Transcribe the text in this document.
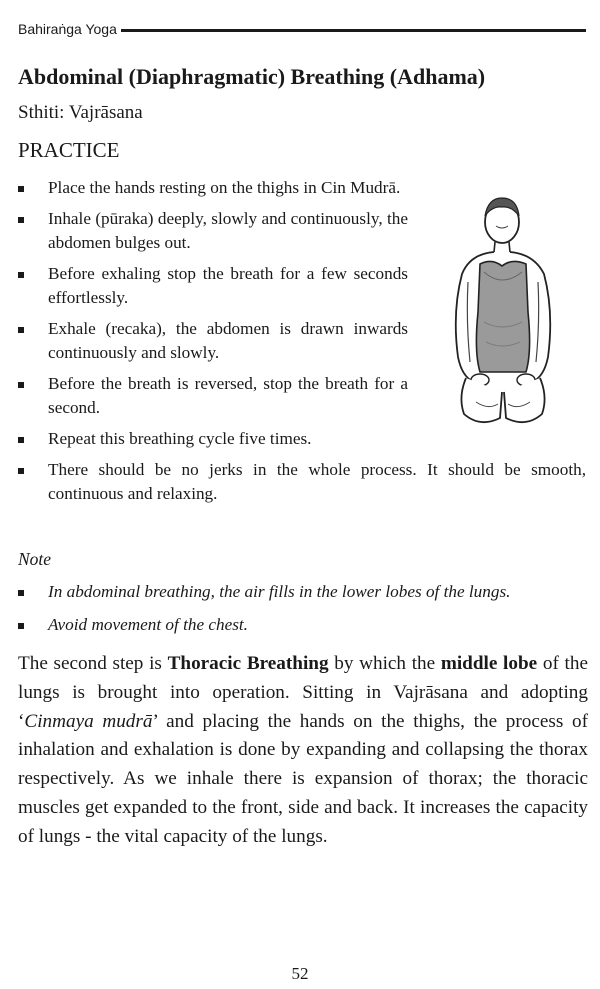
Bahiraṅga Yoga
Abdominal (Diaphragmatic) Breathing (Adhama)
Sthiti: Vajrāsana
PRACTICE
Place the hands resting on the thighs in Cin Mudrā.
Inhale (pūraka) deeply, slowly and continuously, the abdomen bulges out.
Before exhaling stop the breath for a few seconds effortlessly.
Exhale (recaka), the abdomen is drawn inwards continuously and slowly.
Before the breath is reversed, stop the breath for a second.
Repeat this breathing cycle five times.
There should be no jerks in the whole process. It should be smooth, continuous and relaxing.
Note
In abdominal breathing, the air fills in the lower lobes of the lungs.
Avoid movement of the chest.

The second step is Thoracic Breathing by which the middle lobe of the lungs is brought into operation. Sitting in Vajrāsana and adopting ‘Cinmaya mudrā’ and placing the hands on the thighs, the process of inhalation and exhalation is done by expanding and collapsing the thorax respectively. As we inhale there is expansion of thorax; the thoracic muscles get expanded to the front, side and back. It increases the capacity of lungs - the vital capacity of the lungs.

52
